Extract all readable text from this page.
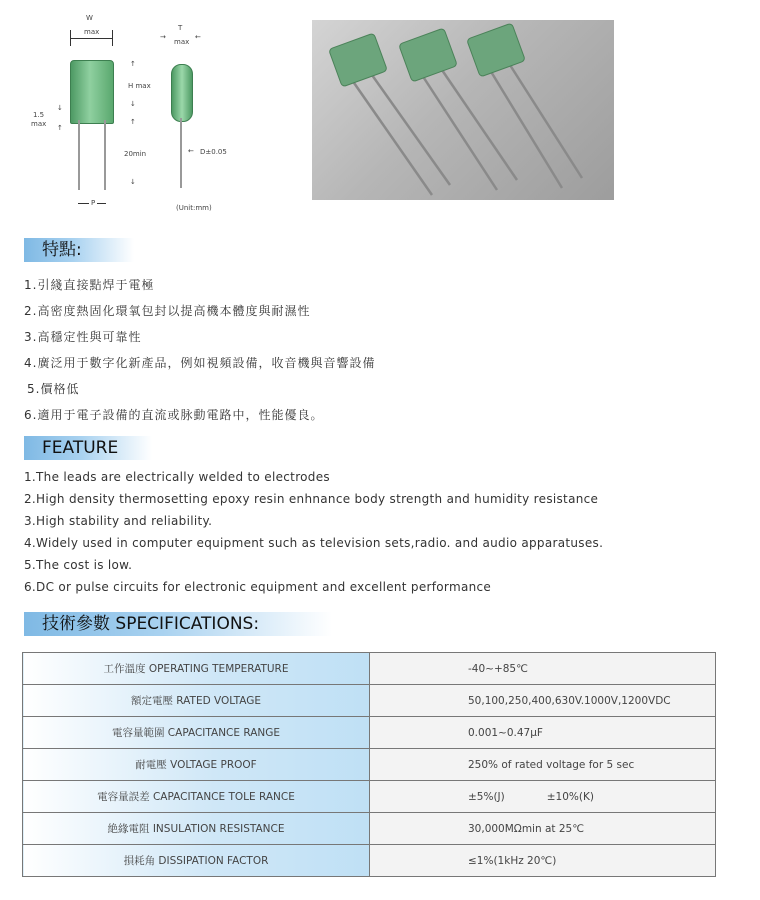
W
max
1.5
max
↓
↑
P
T
max
→	←
↑
H max
↓
↑
20min
↓
← D±0.05
(Unit:mm)
特點:
1.引綫直接點焊于電極
2.高密度熱固化環氧包封以提高機本體度與耐濕性
3.高穩定性與可靠性
4.廣泛用于數字化新產品，例如視頻設備，收音機與音響設備
5.價格低
6.適用于電子設備的直流或脉動電路中，性能優良。
FEATURE
1.The leads are electrically welded to electrodes
2.High density thermosetting epoxy resin enhnance body strength and humidity resistance
3.High stability and reliability.
4.Widely used in computer equipment such as television sets,radio. and audio apparatuses.
5.The cost is low.
6.DC or pulse circuits for electronic equipment and excellent performance
技術參數 SPECIFICATIONS:
工作溫度 OPERATING TEMPERATURE	-40~+85℃
額定電壓 RATED VOLTAGE	50,100,250,400,630V.1000V,1200VDC
電容量範圍 CAPACITANCE RANGE	0.001~0.47μF
耐電壓 VOLTAGE PROOF	250% of rated voltage for 5 sec
電容量誤差 CAPACITANCE TOLE RANCE	±5%(J) ±10%(K)
絶緣電阻 INSULATION RESISTANCE	30,000MΩmin at 25℃
損耗角 DISSIPATION FACTOR	≤1%(1kHz 20℃)
